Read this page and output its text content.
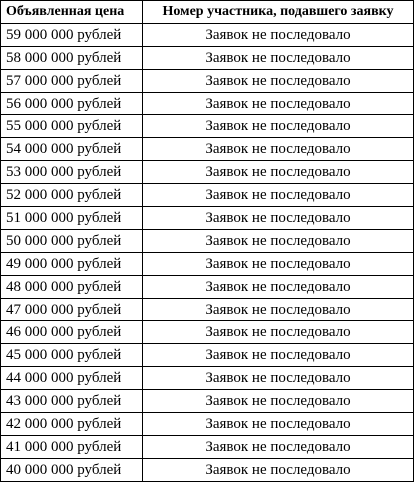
Объявленная цена	Номер участника, подавшего заявку
59 000 000 рублей	Заявок не последовало
58 000 000 рублей	Заявок не последовало
57 000 000 рублей	Заявок не последовало
56 000 000 рублей	Заявок не последовало
55 000 000 рублей	Заявок не последовало
54 000 000 рублей	Заявок не последовало
53 000 000 рублей	Заявок не последовало
52 000 000 рублей	Заявок не последовало
51 000 000 рублей	Заявок не последовало
50 000 000 рублей	Заявок не последовало
49 000 000 рублей	Заявок не последовало
48 000 000 рублей	Заявок не последовало
47 000 000 рублей	Заявок не последовало
46 000 000 рублей	Заявок не последовало
45 000 000 рублей	Заявок не последовало
44 000 000 рублей	Заявок не последовало
43 000 000 рублей	Заявок не последовало
42 000 000 рублей	Заявок не последовало
41 000 000 рублей	Заявок не последовало
40 000 000 рублей	Заявок не последовало
